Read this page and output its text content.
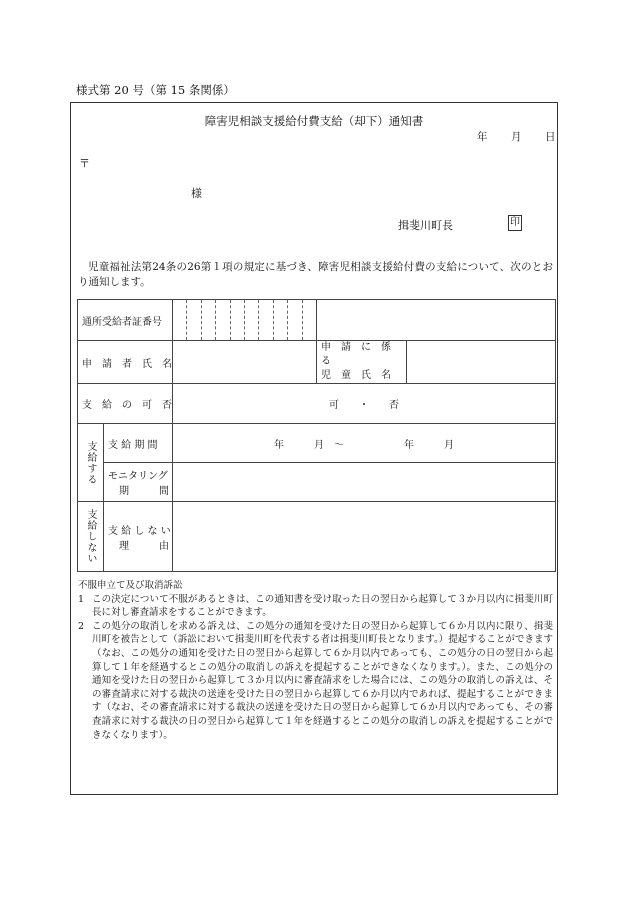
様式第 20 号（第 15 条関係）
障害児相談支援給付費支給（却下）通知書
年 月 日
〒
様
揖斐川町長	印
児童福祉法第24条の26第１項の規定に基づき、障害児相談支援給付費の支給について、次のとおり通知します。
通所受給者証番号			

申　請　者　氏　名			申　請　に　係　る
児　童　氏　名	

支　給　の　可　否		可　　・　　否		

支給する	支 給 期 間	年　　　月　～　　　　　　年　　　月		

	モニタリング
期　　　間			

支給しない	支 給 し な い
理　　　由			

不服申立て及び取消訴訟
1 この決定について不服があるときは、この通知書を受け取った日の翌日から起算して３か月以内に揖斐川町長に対し審査請求をすることができます。
2 この処分の取消しを求める訴えは、この処分の通知を受けた日の翌日から起算して６か月以内に限り、揖斐川町を被告として（訴訟において揖斐川町を代表する者は揖斐川町長となります。）提起することができます（なお、この処分の通知を受けた日の翌日から起算して６か月以内であっても、この処分の日の翌日から起算して１年を経過するとこの処分の取消しの訴えを提起することができなくなります。）。また、この処分の通知を受けた日の翌日から起算して３か月以内に審査請求をした場合には、この処分の取消しの訴えは、その審査請求に対する裁決の送達を受けた日の翌日から起算して６か月以内であれば、提起することができます（なお、その審査請求に対する裁決の送達を受けた日の翌日から起算して６か月以内であっても、その審査請求に対する裁決の日の翌日から起算して１年を経過するとこの処分の取消しの訴えを提起することができなくなります）。
